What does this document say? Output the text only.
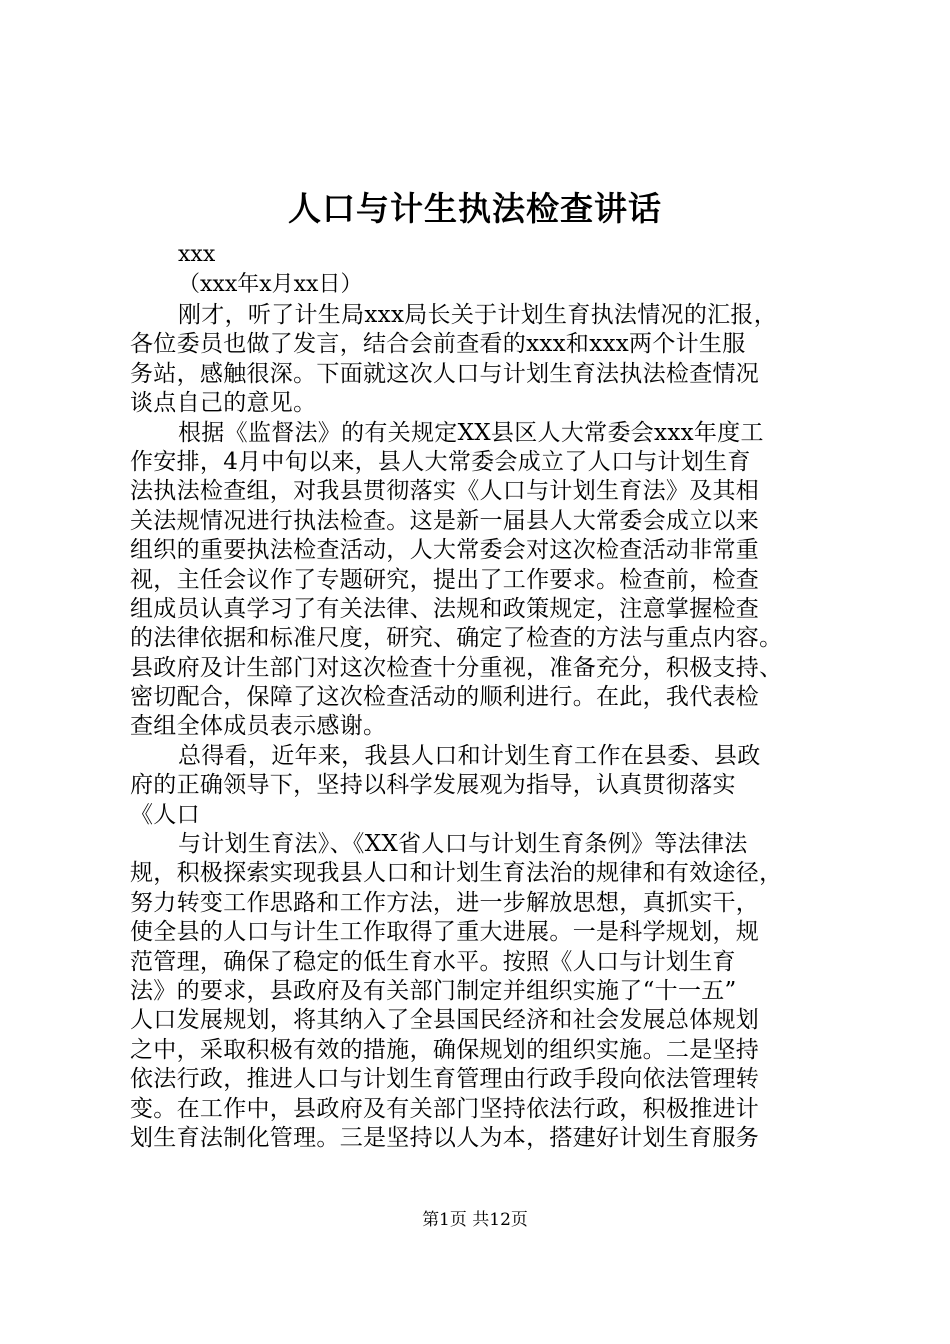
人口与计生执法检查讲话
xxx
（xxx年x月xx日）
刚才，听了计生局xxx局长关于计划生育执法情况的汇报，
各位委员也做了发言，结合会前查看的xxx和xxx两个计生服
务站，感触很深。下面就这次人口与计划生育法执法检查情况
谈点自己的意见。
根据《监督法》的有关规定XX县区人大常委会xxx年度工
作安排，4月中旬以来，县人大常委会成立了人口与计划生育
法执法检查组，对我县贯彻落实《人口与计划生育法》及其相
关法规情况进行执法检查。这是新一届县人大常委会成立以来
组织的重要执法检查活动，人大常委会对这次检查活动非常重
视，主任会议作了专题研究，提出了工作要求。检查前，检查
组成员认真学习了有关法律、法规和政策规定，注意掌握检查
的法律依据和标准尺度，研究、确定了检查的方法与重点内容。
县政府及计生部门对这次检查十分重视，准备充分，积极支持、
密切配合，保障了这次检查活动的顺利进行。在此，我代表检
查组全体成员表示感谢。
总得看，近年来，我县人口和计划生育工作在县委、县政
府的正确领导下，坚持以科学发展观为指导，认真贯彻落实
《人口
与计划生育法》、《XX省人口与计划生育条例》等法律法
规，积极探索实现我县人口和计划生育法治的规律和有效途径，
努力转变工作思路和工作方法，进一步解放思想，真抓实干，
使全县的人口与计生工作取得了重大进展。一是科学规划，规
范管理，确保了稳定的低生育水平。按照《人口与计划生育
法》的要求，县政府及有关部门制定并组织实施了“十一五”
人口发展规划，将其纳入了全县国民经济和社会发展总体规划
之中，采取积极有效的措施，确保规划的组织实施。二是坚持
依法行政，推进人口与计划生育管理由行政手段向依法管理转
变。在工作中，县政府及有关部门坚持依法行政，积极推进计
划生育法制化管理。三是坚持以人为本，搭建好计划生育服务
第1页 共12页
